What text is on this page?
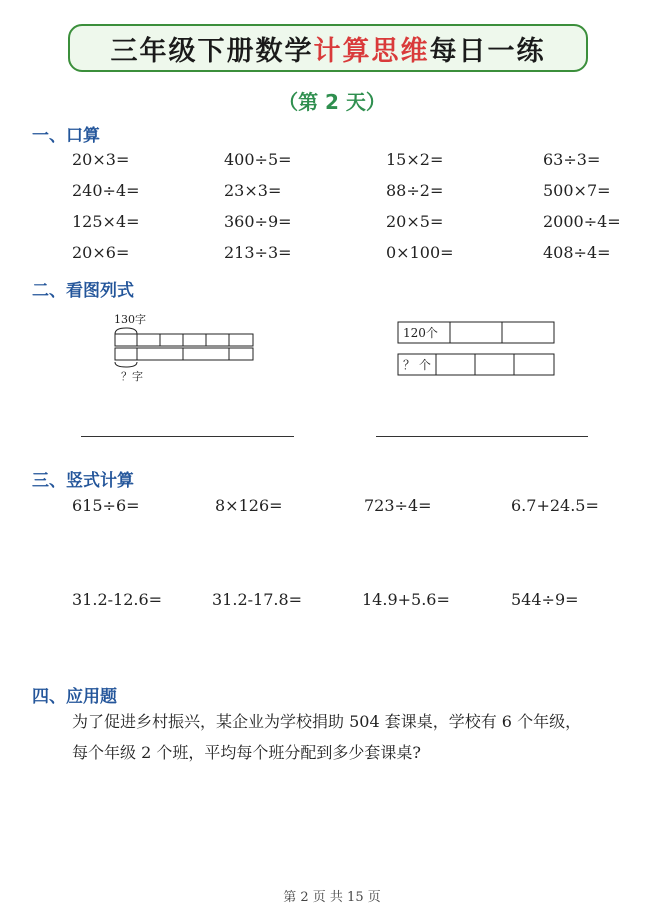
三年级下册数学 计算思维 每日一练
（第 2 天）
一、口算
20×3=	400÷5=	15×2=	63÷3=
240÷4=	23×3=	88÷2=	500×7=
125×4=	360÷9=	20×5=	2000÷4=
20×6=	213÷3=	0×100=	408÷4=
二、看图列式
130字
？字
120个
？ 个
三、竖式计算
615÷6=	8×126=	723÷4=	6.7+24.5=
31.2-12.6=	31.2-17.8=	14.9+5.6=	544÷9=
四、应用题
为了促进乡村振兴，某企业为学校捐助 504 套课桌，学校有 6 个年级，
每个年级 2 个班，平均每个班分配到多少套课桌?
第 2 页 共 15 页
